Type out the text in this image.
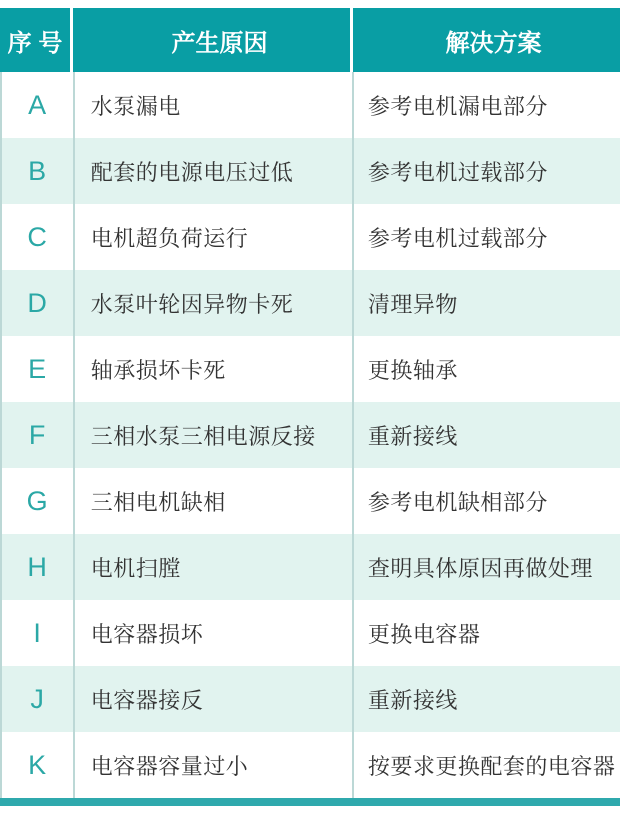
序 号	产生原因	解决方案
A	水泵漏电	参考电机漏电部分
B	配套的电源电压过低	参考电机过载部分
C	电机超负荷运行	参考电机过载部分
D	水泵叶轮因异物卡死	清理异物
E	轴承损坏卡死	更换轴承
F	三相水泵三相电源反接	重新接线
G	三相电机缺相	参考电机缺相部分
H	电机扫膛	查明具体原因再做处理
I	电容器损坏	更换电容器
J	电容器接反	重新接线
K	电容器容量过小	按要求更换配套的电容器
